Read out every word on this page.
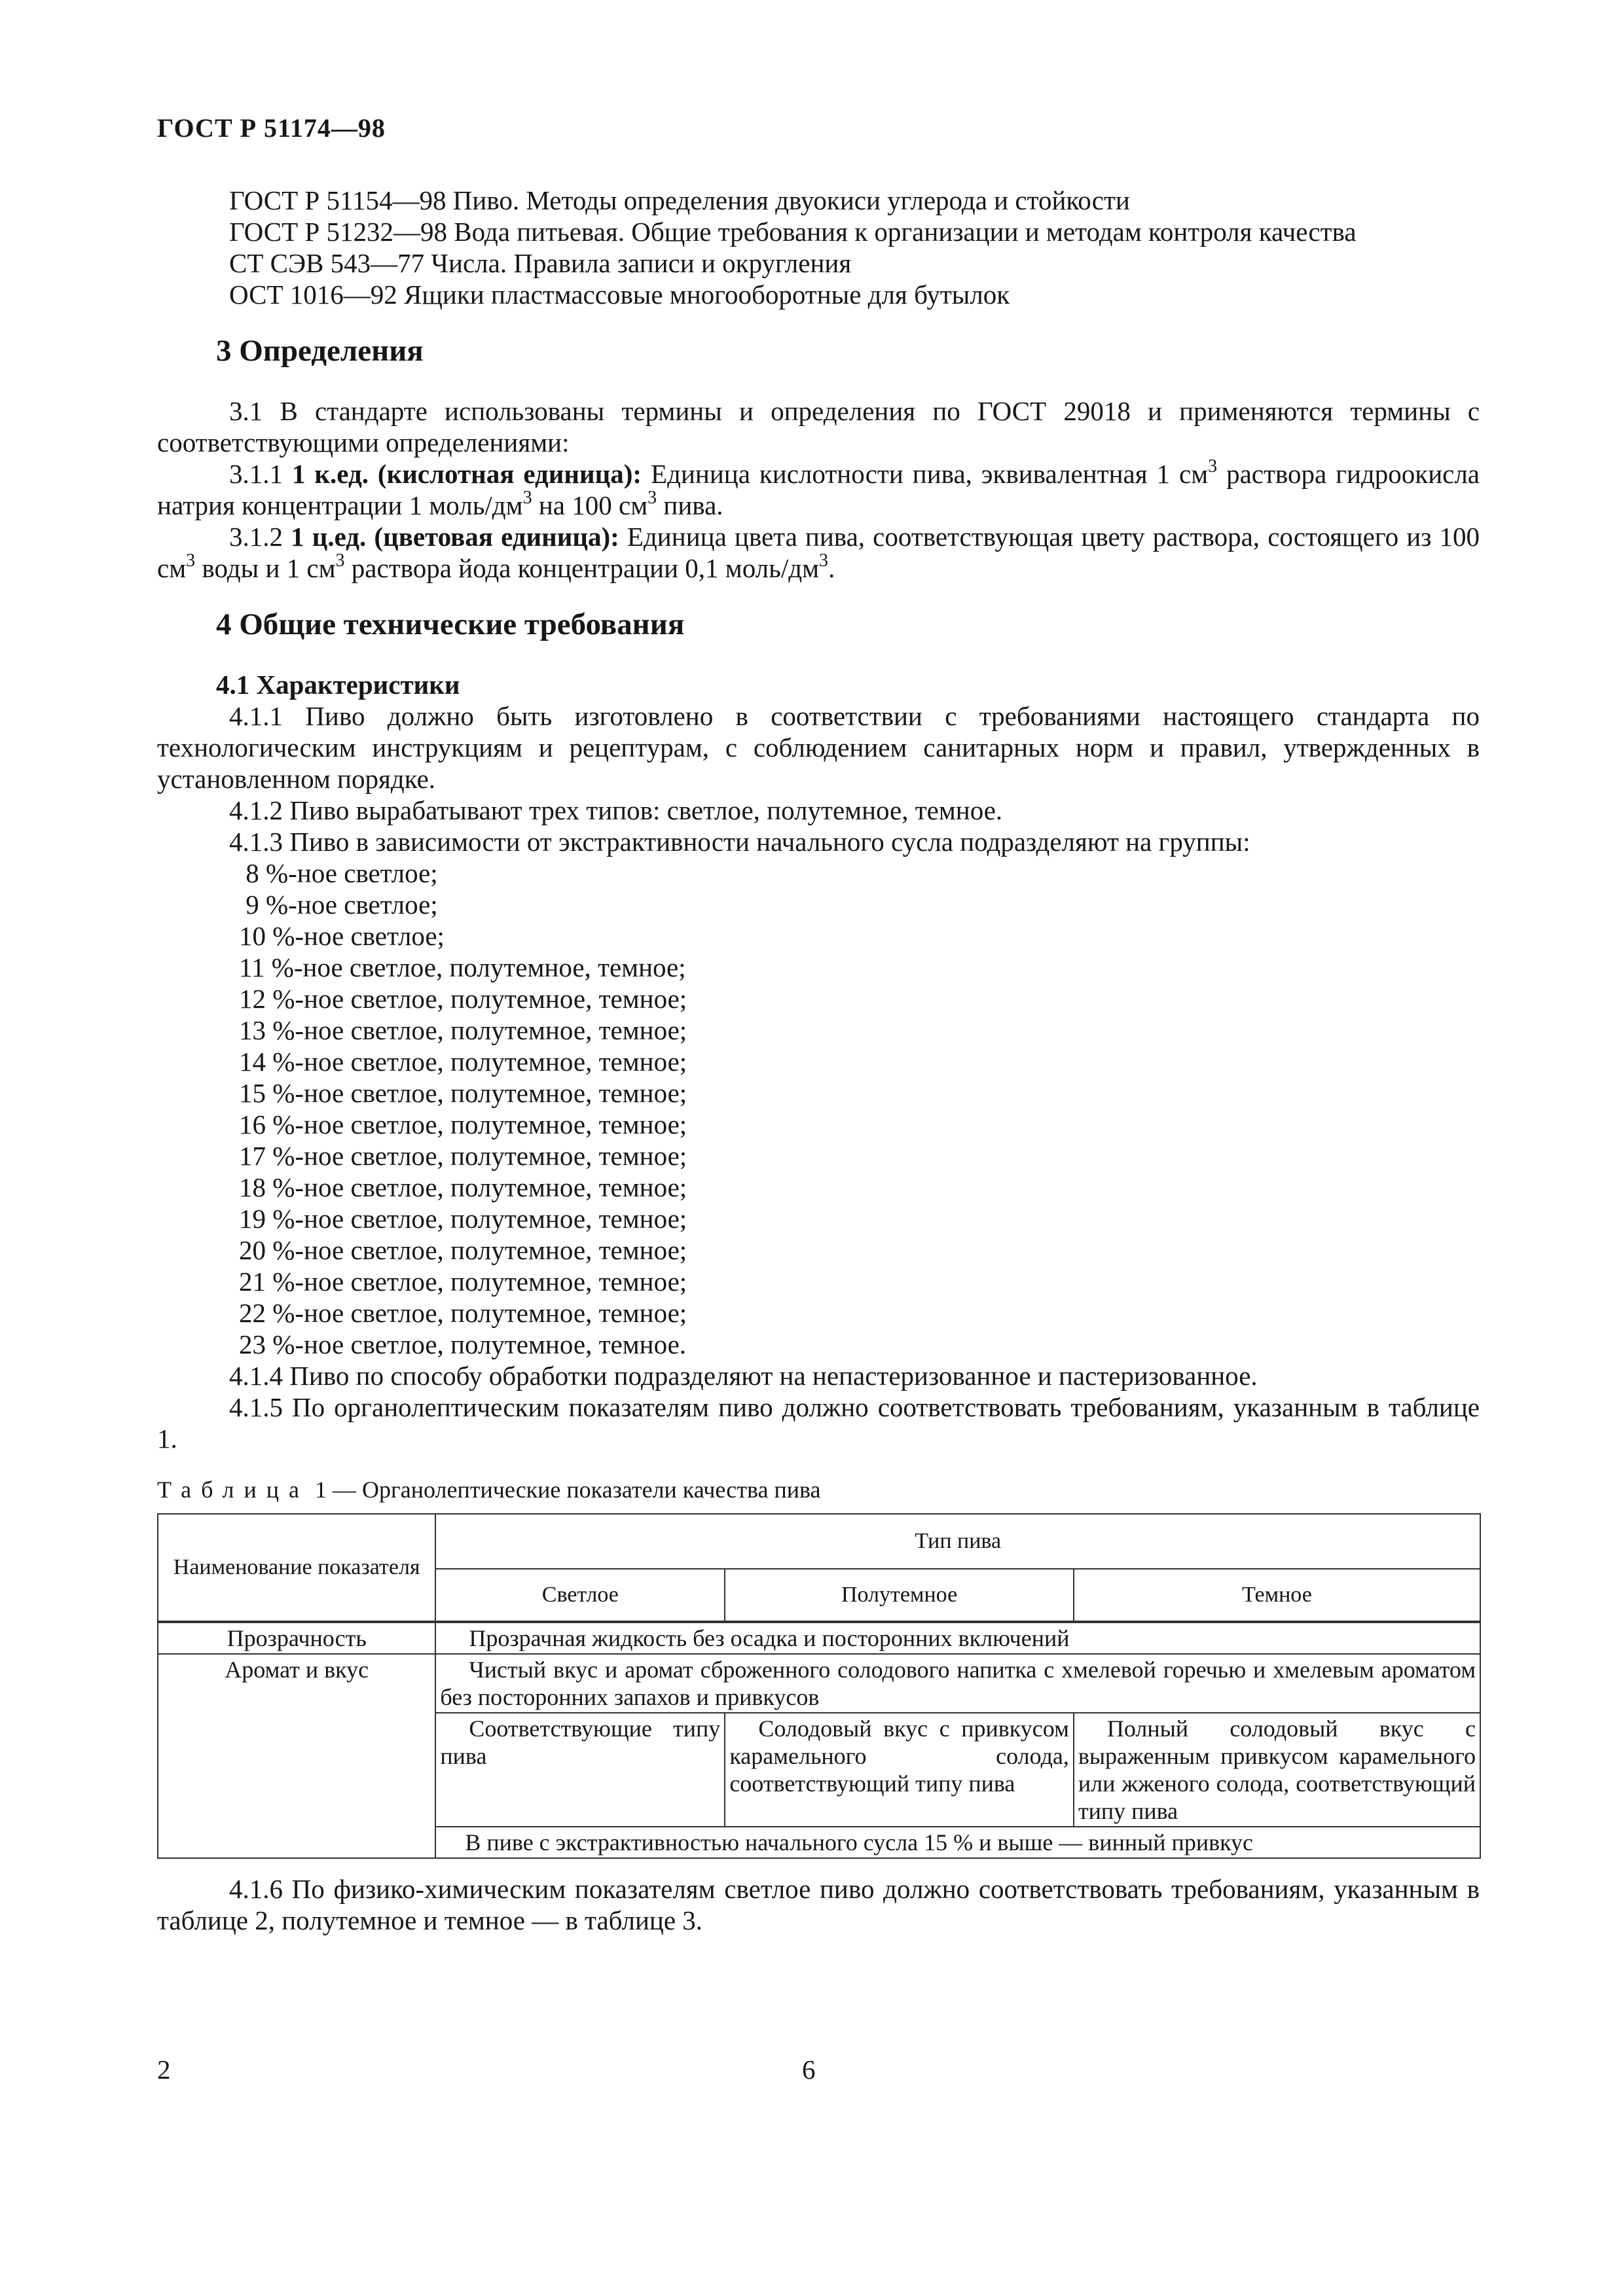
ГОСТ Р 51174—98

ГОСТ Р 51154—98 Пиво. Методы определения двуокиси углерода и стойкости

ГОСТ Р 51232—98 Вода питьевая. Общие требования к организации и методам контроля качества

СТ СЭВ 543—77 Числа. Правила записи и округления

ОСТ 1016—92 Ящики пластмассовые многооборотные для бутылок

3 Определения

3.1 В стандарте использованы термины и определения по ГОСТ 29018 и применяются термины с соответствующими определениями:

3.1.1 1 к.ед. (кислотная единица): Единица кислотности пива, эквивалентная 1 $см^3$ раствора гидроокисла натрия концентрации 1 моль/$дм^3$ на 100 $см^3$ пива.

3.1.2 1 ц.ед. (цветовая единица): Единица цвета пива, соответствующая цвету раствора, состоящего из 100 $см^3$ воды и 1 $см^3$ раствора йода концентрации 0,1 моль/$дм^3$.

4 Общие технические требования

4.1 Характеристики

4.1.1 Пиво должно быть изготовлено в соответствии с требованиями настоящего стандарта по технологическим инструкциям и рецептурам, с соблюдением санитарных норм и правил, утвержденных в установленном порядке.

4.1.2 Пиво вырабатывают трех типов: светлое, полутемное, темное.

4.1.3 Пиво в зависимости от экстрактивности начального сусла подразделяют на группы:

8 %-ное светлое;

9 %-ное светлое;

10 %-ное светлое;

11 %-ное светлое, полутемное, темное;

12 %-ное светлое, полутемное, темное;

13 %-ное светлое, полутемное, темное;

14 %-ное светлое, полутемное, темное;

15 %-ное светлое, полутемное, темное;

16 %-ное светлое, полутемное, темное;

17 %-ное светлое, полутемное, темное;

18 %-ное светлое, полутемное, темное;

19 %-ное светлое, полутемное, темное;

20 %-ное светлое, полутемное, темное;

21 %-ное светлое, полутемное, темное;

22 %-ное светлое, полутемное, темное;

23 %-ное светлое, полутемное, темное.

4.1.4 Пиво по способу обработки подразделяют на непастеризованное и пастеризованное.

4.1.5 По органолептическим показателям пиво должно соответствовать требованиям, указанным в таблице 1.

Таблица 1 — Органолептические показатели качества пива

Наименование показателя	Тип пива		
	Светлое	Полутемное	Темное
Прозрачность	Прозрачная жидкость без осадка и посторонних включений		
Аромат и вкус	Чистый вкус и аромат сброженного солодового напитка с хмелевой горечью и хмелевым ароматом без посторонних запахов и привкусов		
	Соответствующие типу пива	Солодовый вкус с привкусом карамельного солода, соответствующий типу пива	Полный солодовый вкус с выраженным привкусом карамельного или жженого солода, соответствующий типу пива
	В пиве с экстрактивностью начального сусла 15 % и выше — винный привкус		

4.1.6 По физико-химическим показателям светлое пиво должно соответствовать требованиям, указанным в таблице 2, полутемное и темное — в таблице 3.

2	6
